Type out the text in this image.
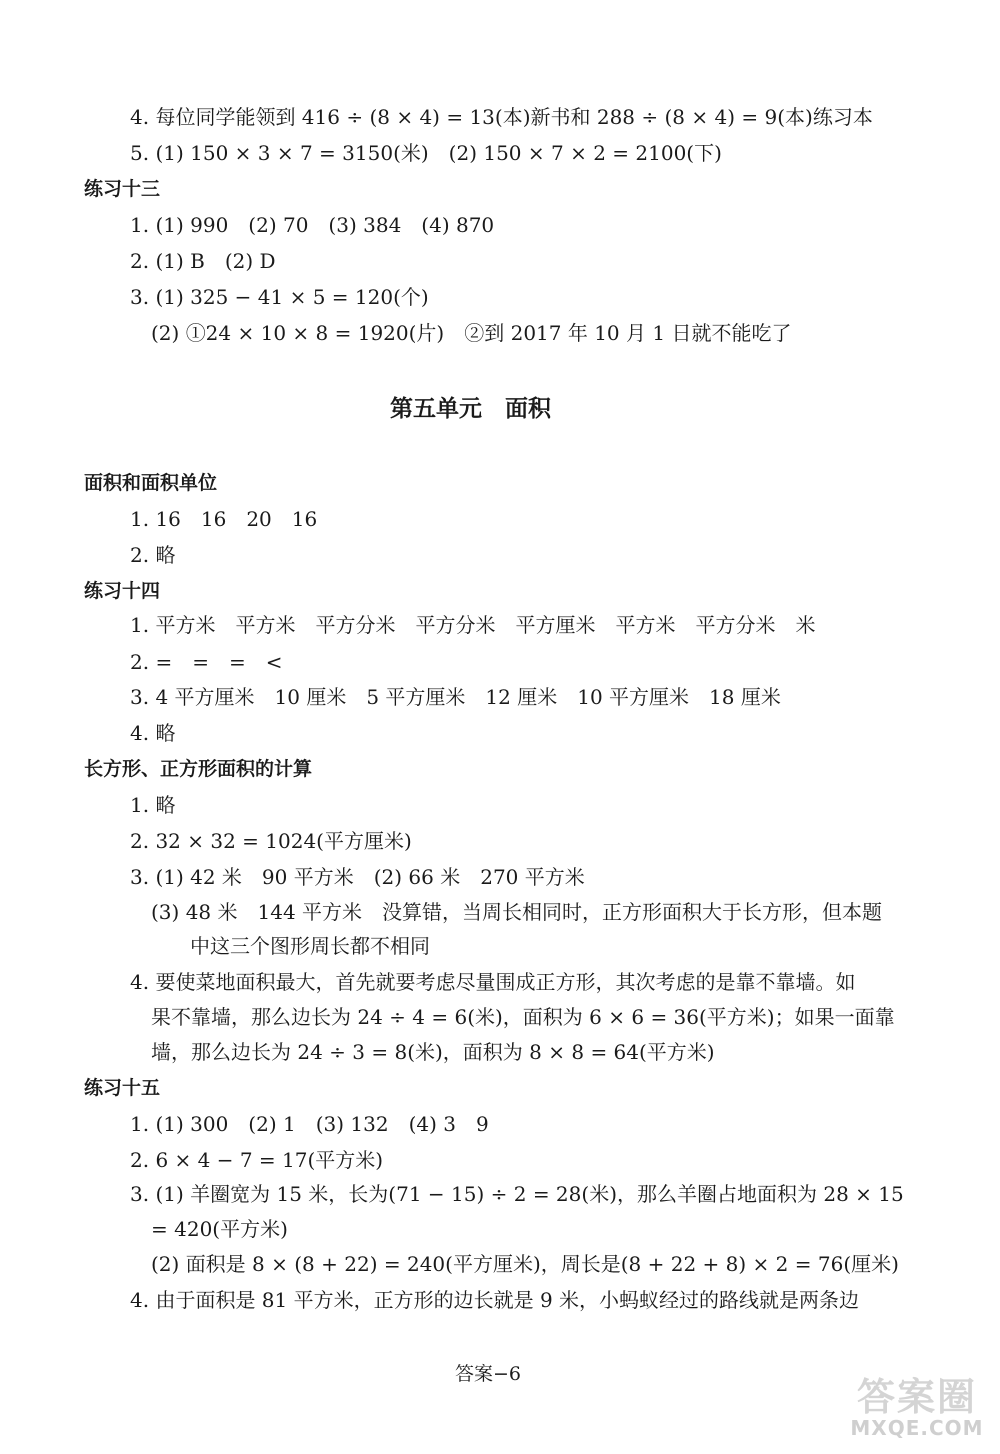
4. 每位同学能领到 416 ÷ (8 × 4) = 13(本)新书和 288 ÷ (8 × 4) = 9(本)练习本
5. (1) 150 × 3 × 7 = 3150(米)　(2) 150 × 7 × 2 = 2100(下)
练习十三
1. (1) 990　(2) 70　(3) 384　(4) 870
2. (1) B　(2) D
3. (1) 325 − 41 × 5 = 120(个)
(2) ①24 × 10 × 8 = 1920(片)　②到 2017 年 10 月 1 日就不能吃了
第五单元　面积
面积和面积单位
1. 16　16　20　16
2. 略
练习十四
1. 平方米　平方米　平方分米　平方分米　平方厘米　平方米　平方分米　米
2. =　=　=　<
3. 4 平方厘米　10 厘米　5 平方厘米　12 厘米　10 平方厘米　18 厘米
4. 略
长方形、正方形面积的计算
1. 略
2. 32 × 32 = 1024(平方厘米)
3. (1) 42 米　90 平方米　(2) 66 米　270 平方米
(3) 48 米　144 平方米　没算错，当周长相同时，正方形面积大于长方形，但本题
中这三个图形周长都不相同
4. 要使菜地面积最大，首先就要考虑尽量围成正方形，其次考虑的是靠不靠墙。如
果不靠墙，那么边长为 24 ÷ 4 = 6(米)，面积为 6 × 6 = 36(平方米)；如果一面靠
墙，那么边长为 24 ÷ 3 = 8(米)，面积为 8 × 8 = 64(平方米)
练习十五
1. (1) 300　(2) 1　(3) 132　(4) 3　9
2. 6 × 4 − 7 = 17(平方米)
3. (1) 羊圈宽为 15 米，长为(71 − 15) ÷ 2 = 28(米)，那么羊圈占地面积为 28 × 15
= 420(平方米)
(2) 面积是 8 × (8 + 22) = 240(平方厘米)，周长是(8 + 22 + 8) × 2 = 76(厘米)
4. 由于面积是 81 平方米，正方形的边长就是 9 米，小蚂蚁经过的路线就是两条边
答案−6
答案圈
MXQE.COM
